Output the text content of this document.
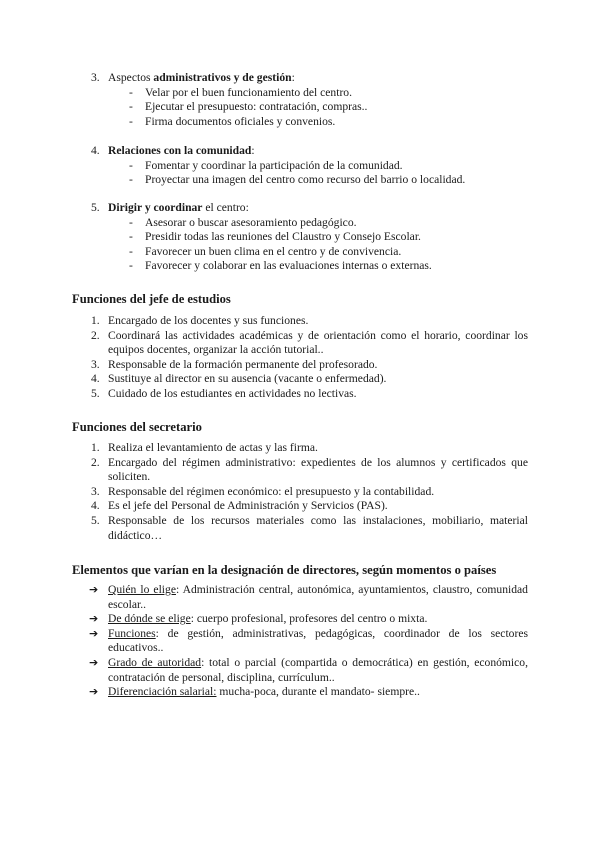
3. Aspectos administrativos y de gestión:
- Velar por el buen funcionamiento del centro.
- Ejecutar el presupuesto: contratación, compras..
- Firma documentos oficiales y convenios.
4. Relaciones con la comunidad:
- Fomentar y coordinar la participación de la comunidad.
- Proyectar una imagen del centro como recurso del barrio o localidad.
5. Dirigir y coordinar el centro:
- Asesorar o buscar asesoramiento pedagógico.
- Presidir todas las reuniones del Claustro y Consejo Escolar.
- Favorecer un buen clima en el centro y de convivencia.
- Favorecer y colaborar en las evaluaciones internas o externas.
Funciones del jefe de estudios
1. Encargado de los docentes y sus funciones.
2. Coordinará las actividades académicas y de orientación como el horario, coordinar los equipos docentes, organizar la acción tutorial..
3. Responsable de la formación permanente del profesorado.
4. Sustituye al director en su ausencia (vacante o enfermedad).
5. Cuidado de los estudiantes en actividades no lectivas.
Funciones del secretario
1. Realiza el levantamiento de actas y las firma.
2. Encargado del régimen administrativo: expedientes de los alumnos y certificados que soliciten.
3. Responsable del régimen económico: el presupuesto y la contabilidad.
4. Es el jefe del Personal de Administración y Servicios (PAS).
5. Responsable de los recursos materiales como las instalaciones, mobiliario, material didáctico…
Elementos que varían en la designación de directores, según momentos o países
➔ Quién lo elige: Administración central, autonómica, ayuntamientos, claustro, comunidad escolar..
➔ De dónde se elige: cuerpo profesional, profesores del centro o mixta.
➔ Funciones: de gestión, administrativas, pedagógicas, coordinador de los sectores educativos..
➔ Grado de autoridad: total o parcial (compartida o democrática) en gestión, económico, contratación de personal, disciplina, currículum..
➔ Diferenciación salarial: mucha-poca, durante el mandato- siempre..
